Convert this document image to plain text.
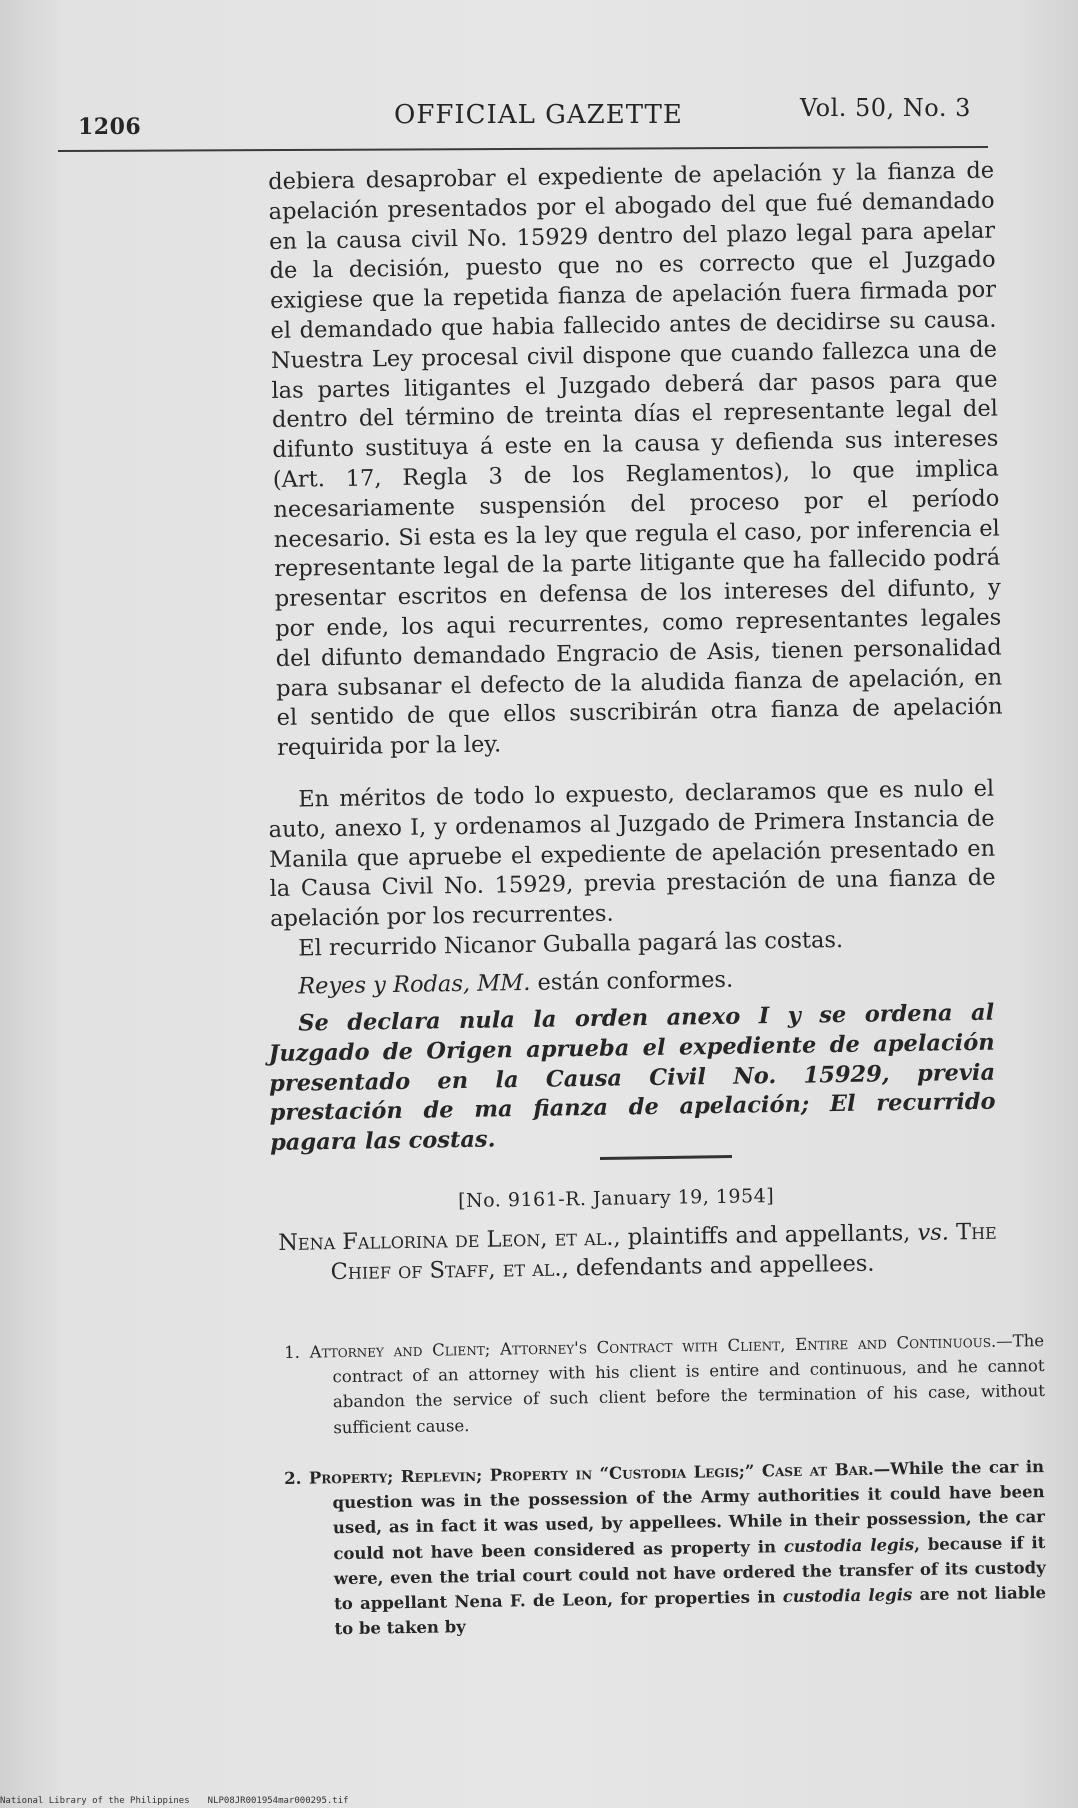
1206	OFFICIAL GAZETTE	Vol. 50, No. 3
debiera desaprobar el expediente de apelación y la fianza de apelación presentados por el abogado del que fué demandado en la causa civil No. 15929 dentro del plazo legal para apelar de la decisión, puesto que no es correcto que el Juzgado exigiese que la repetida fianza de apelación fuera firmada por el demandado que habia fallecido antes de decidirse su causa. Nuestra Ley procesal civil dispone que cuando fallezca una de las partes litigantes el Juzgado deberá dar pasos para que dentro del término de treinta días el representante legal del difunto sustituya á este en la causa y defienda sus intereses (Art. 17, Regla 3 de los Reglamentos), lo que implica necesariamente suspensión del proceso por el período necesario. Si esta es la ley que regula el caso, por inferencia el representante legal de la parte litigante que ha fallecido podrá presentar escritos en defensa de los intereses del difunto, y por ende, los aqui recurrentes, como representantes legales del difunto demandado Engracio de Asis, tienen personalidad para subsanar el defecto de la aludida fianza de apelación, en el sentido de que ellos suscribirán otra fianza de apelación requirida por la ley.
En méritos de todo lo expuesto, declaramos que es nulo el auto, anexo I, y ordenamos al Juzgado de Primera Instancia de Manila que apruebe el expediente de apelación presentado en la Causa Civil No. 15929, previa prestación de una fianza de apelación por los recurrentes.
El recurrido Nicanor Guballa pagará las costas.
Reyes y Rodas, MM. están conformes.
Se declara nula la orden anexo I y se ordena al Juzgado de Origen aprueba el expediente de apelación presentado en la Causa Civil No. 15929, previa prestación de ma fianza de apelación; El recurrido pagara las costas.
[No. 9161-R. January 19, 1954]
Nena Fallorina de Leon, et al., plaintiffs and appellants, vs. The Chief of Staff, et al., defendants and appellees.
1. Attorney and Client; Attorney's Contract with Client, Entire and Continuous.—The contract of an attorney with his client is entire and continuous, and he cannot abandon the service of such client before the termination of his case, without sufficient cause.
2. Property; Replevin; Property in “Custodia Legis;” Case at Bar.—While the car in question was in the possession of the Army authorities it could have been used, as in fact it was used, by appellees. While in their possession, the car could not have been considered as property in custodia legis, because if it were, even the trial court could not have ordered the transfer of its custody to appellant Nena F. de Leon, for properties in custodia legis are not liable to be taken by
National Library of the Philippines NLP08JR001954mar000295.tif
